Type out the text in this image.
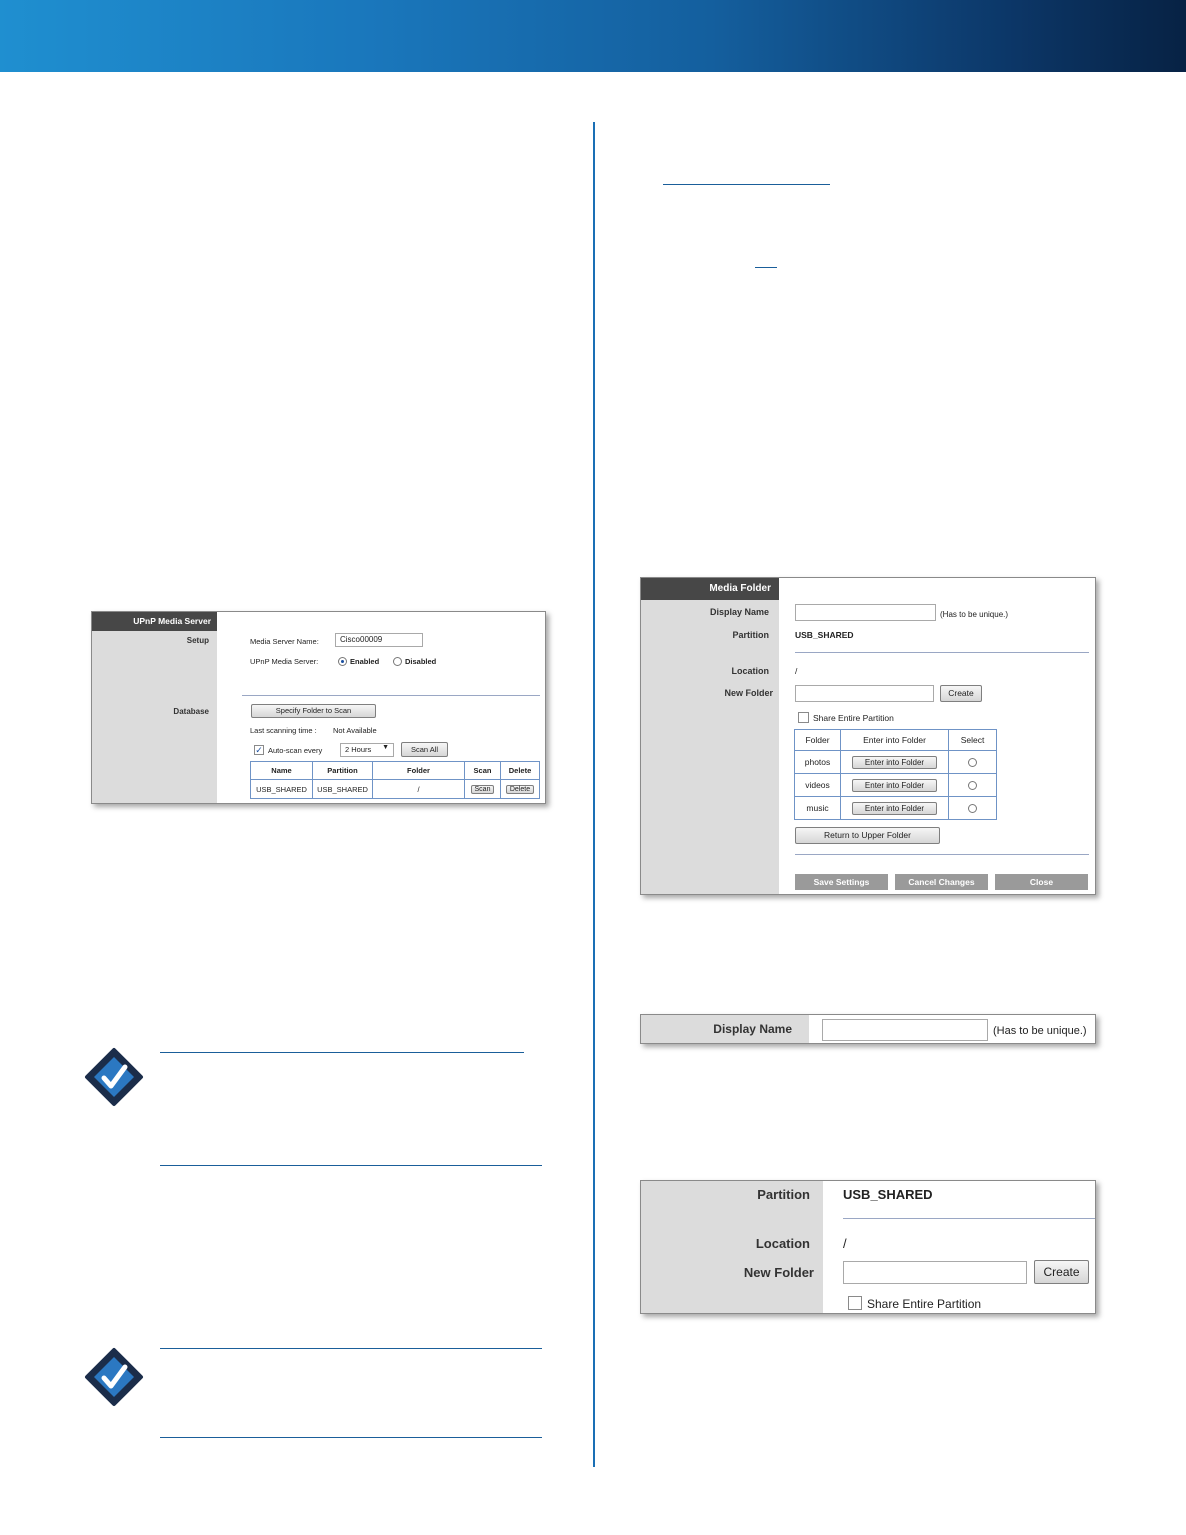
UPnP Media Server
Setup
Database
Media Server Name:	Cisco00009
UPnP Media Server:	Enabled	Disabled
Specify Folder to Scan
Last scanning time : Not Available
✓ Auto-scan every	2 Hours ▼	Scan All
Name	Partition	Folder	Scan	Delete
USB_SHARED	USB_SHARED	/	Scan	Delete
Media Folder
Display Name	(Has to be unique.)
Partition	USB_SHARED
Location	/
New Folder	Create
Share Entire Partition
Folder	Enter into Folder	Select
photos	Enter into Folder	
videos	Enter into Folder	
music	Enter into Folder	
Return to Upper Folder
Save Settings	Cancel Changes	Close
Display Name	(Has to be unique.)
Partition	USB_SHARED
Location	/
New Folder	Create
Share Entire Partition
